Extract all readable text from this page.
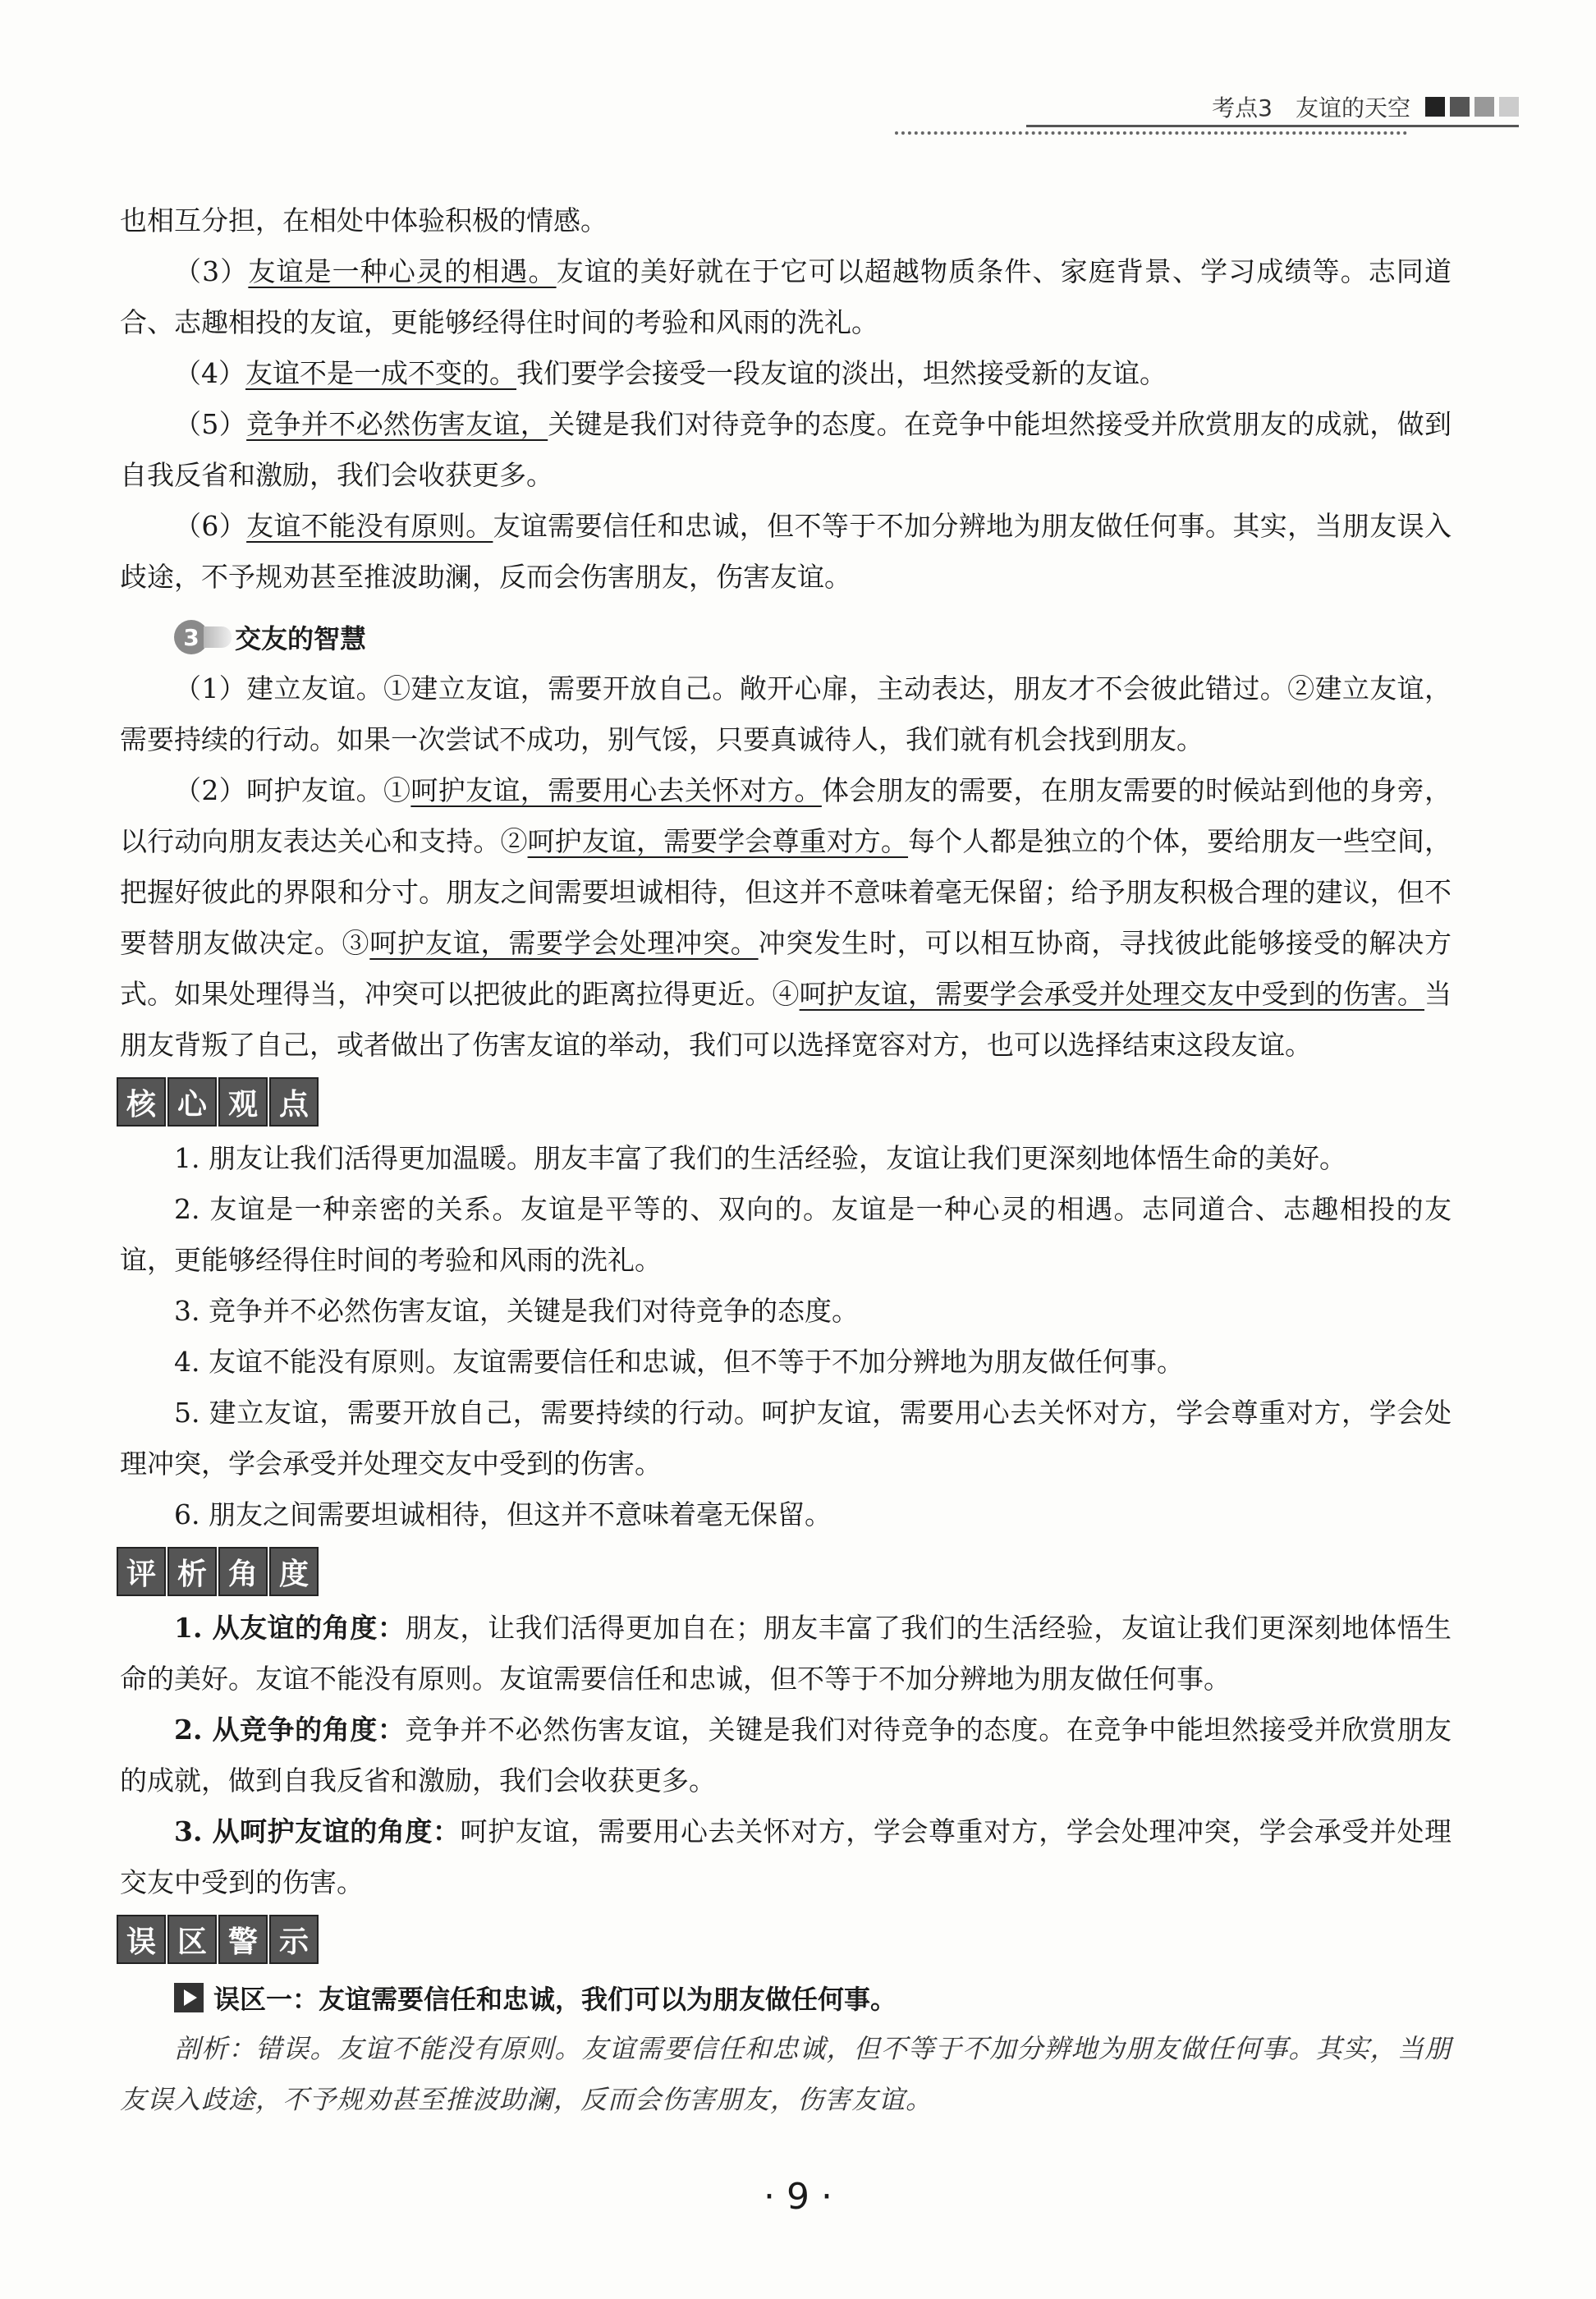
考点3　友谊的天空

也相互分担，在相处中体验积极的情感。

（3）友谊是一种心灵的相遇。友谊的美好就在于它可以超越物质条件、家庭背景、学习成绩等。志同道合、志趣相投的友谊，更能够经得住时间的考验和风雨的洗礼。

（4）友谊不是一成不变的。我们要学会接受一段友谊的淡出，坦然接受新的友谊。

（5）竞争并不必然伤害友谊，关键是我们对待竞争的态度。在竞争中能坦然接受并欣赏朋友的成就，做到自我反省和激励，我们会收获更多。

（6）友谊不能没有原则。友谊需要信任和忠诚，但不等于不加分辨地为朋友做任何事。其实，当朋友误入歧途，不予规劝甚至推波助澜，反而会伤害朋友，伤害友谊。

3	交友的智慧

（1）建立友谊。①建立友谊，需要开放自己。敞开心扉，主动表达，朋友才不会彼此错过。②建立友谊，需要持续的行动。如果一次尝试不成功，别气馁，只要真诚待人，我们就有机会找到朋友。

（2）呵护友谊。①呵护友谊，需要用心去关怀对方。体会朋友的需要，在朋友需要的时候站到他的身旁，以行动向朋友表达关心和支持。②呵护友谊，需要学会尊重对方。每个人都是独立的个体，要给朋友一些空间，把握好彼此的界限和分寸。朋友之间需要坦诚相待，但这并不意味着毫无保留；给予朋友积极合理的建议，但不要替朋友做决定。③呵护友谊，需要学会处理冲突。冲突发生时，可以相互协商，寻找彼此能够接受的解决方式。如果处理得当，冲突可以把彼此的距离拉得更近。④呵护友谊，需要学会承受并处理交友中受到的伤害。当朋友背叛了自己，或者做出了伤害友谊的举动，我们可以选择宽容对方，也可以选择结束这段友谊。

核 心 观 点

1. 朋友让我们活得更加温暖。朋友丰富了我们的生活经验，友谊让我们更深刻地体悟生命的美好。

2. 友谊是一种亲密的关系。友谊是平等的、双向的。友谊是一种心灵的相遇。志同道合、志趣相投的友谊，更能够经得住时间的考验和风雨的洗礼。

3. 竞争并不必然伤害友谊，关键是我们对待竞争的态度。

4. 友谊不能没有原则。友谊需要信任和忠诚，但不等于不加分辨地为朋友做任何事。

5. 建立友谊，需要开放自己，需要持续的行动。呵护友谊，需要用心去关怀对方，学会尊重对方，学会处理冲突，学会承受并处理交友中受到的伤害。

6. 朋友之间需要坦诚相待，但这并不意味着毫无保留。

评 析 角 度

1. 从友谊的角度：朋友，让我们活得更加自在；朋友丰富了我们的生活经验，友谊让我们更深刻地体悟生命的美好。友谊不能没有原则。友谊需要信任和忠诚，但不等于不加分辨地为朋友做任何事。

2. 从竞争的角度：竞争并不必然伤害友谊，关键是我们对待竞争的态度。在竞争中能坦然接受并欣赏朋友的成就，做到自我反省和激励，我们会收获更多。

3. 从呵护友谊的角度：呵护友谊，需要用心去关怀对方，学会尊重对方，学会处理冲突，学会承受并处理交友中受到的伤害。

误 区 警 示
误区一：友谊需要信任和忠诚，我们可以为朋友做任何事。

剖析：错误。友谊不能没有原则。友谊需要信任和忠诚，但不等于不加分辨地为朋友做任何事。其实，当朋友误入歧途，不予规劝甚至推波助澜，反而会伤害朋友，伤害友谊。

· 9 ·
